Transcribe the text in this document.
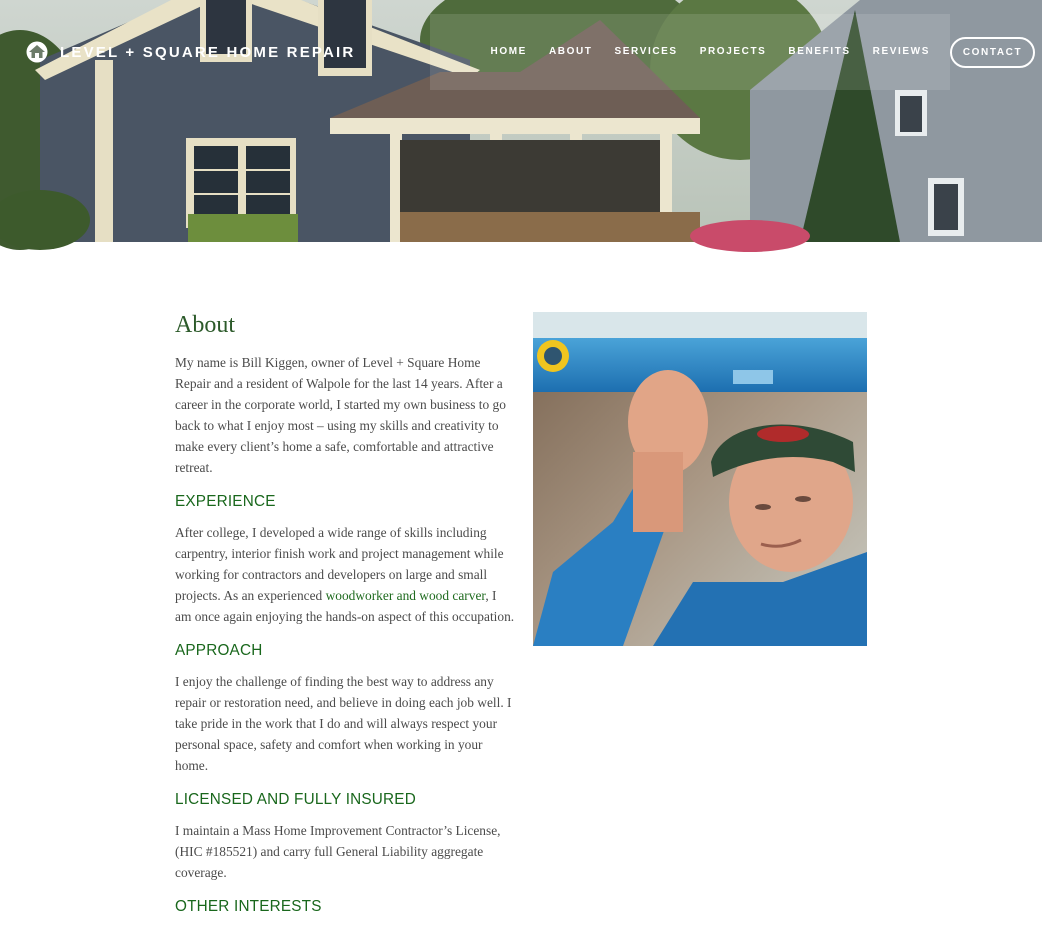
LEVEL + SQUARE HOME REPAIR	HOME ABOUT SERVICES PROJECTS BENEFITS REVIEWS	CONTACT
About

My name is Bill Kiggen, owner of Level + Square Home Repair and a resident of Walpole for the last 14 years. After a career in the corporate world, I started my own business to go back to what I enjoy most – using my skills and creativity to make every client’s home a safe, comfortable and attractive retreat.

EXPERIENCE

After college, I developed a wide range of skills including carpentry, interior finish work and project management while working for contractors and developers on large and small projects. As an experienced woodworker and wood carver, I am once again enjoying the hands-on aspect of this occupation.

APPROACH

I enjoy the challenge of finding the best way to address any repair or restoration need, and believe in doing each job well. I take pride in the work that I do and will always respect your personal space, safety and comfort when working in your home.

LICENSED AND FULLY INSURED

I maintain a Mass Home Improvement Contractor’s License, (HIC #185521) and carry full General Liability aggregate coverage.

OTHER INTERESTS
